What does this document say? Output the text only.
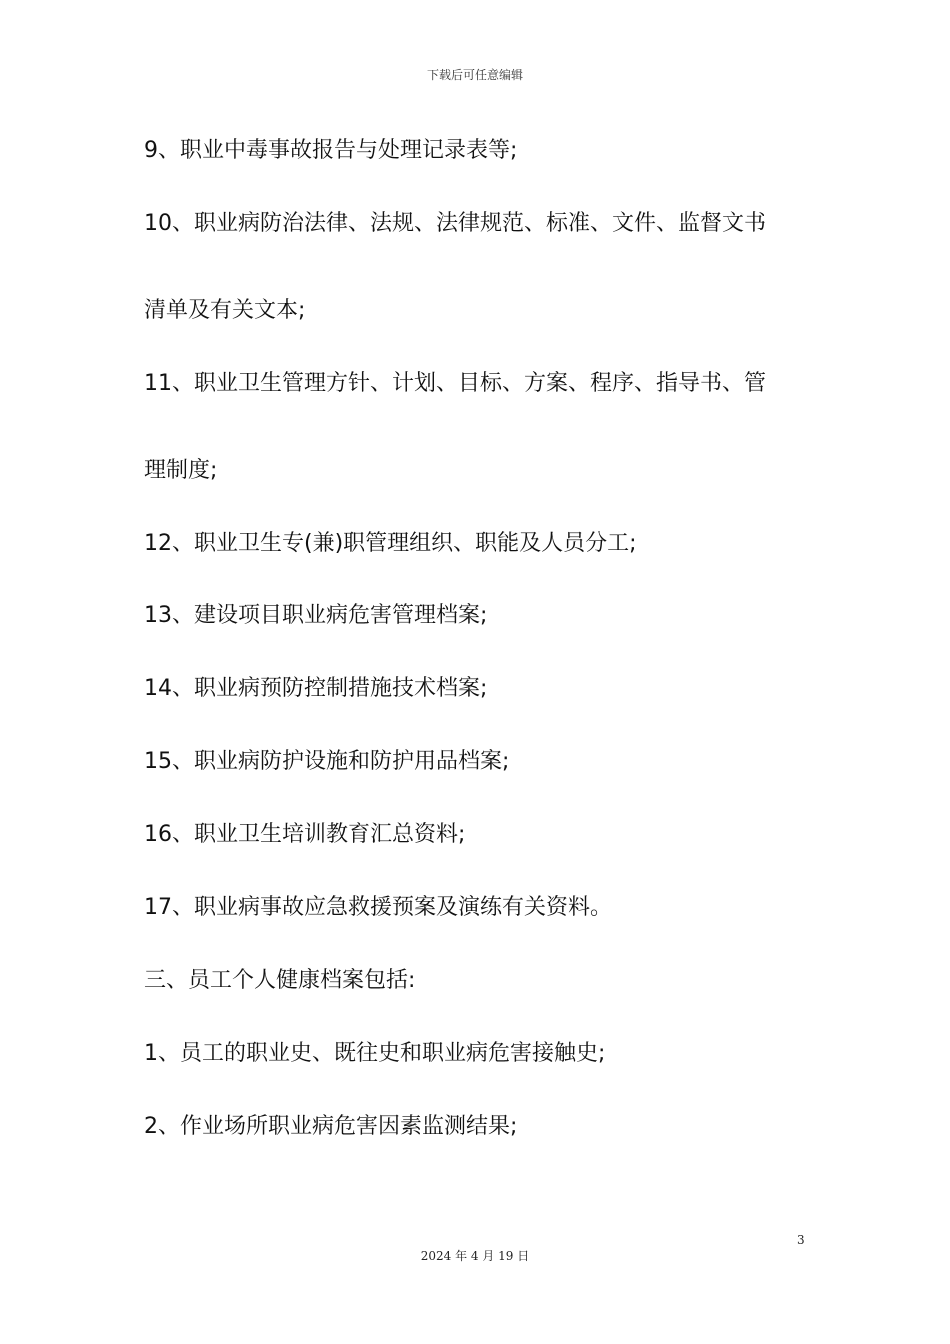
下载后可任意编辑
9、职业中毒事故报告与处理记录表等;
10、职业病防治法律、法规、法律规范、标准、文件、监督文书
清单及有关文本;
11、职业卫生管理方针、计划、目标、方案、程序、指导书、管
理制度;
12、职业卫生专(兼)职管理组织、职能及人员分工;
13、建设项目职业病危害管理档案;
14、职业病预防控制措施技术档案;
15、职业病防护设施和防护用品档案;
16、职业卫生培训教育汇总资料;
17、职业病事故应急救援预案及演练有关资料。
三、员工个人健康档案包括:
1、员工的职业史、既往史和职业病危害接触史;
2、作业场所职业病危害因素监测结果;
3
2024 年 4 月 19 日
